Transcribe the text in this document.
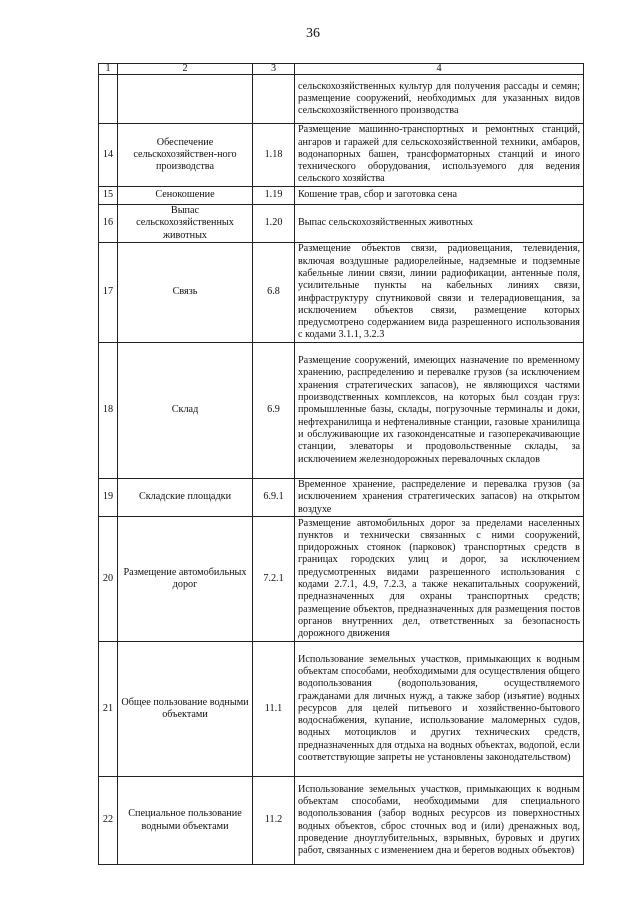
36
1	2	3	4
			сельскохозяйственных культур для получения рассады и семян; размещение сооружений, необходимых для указанных видов сельскохозяйственного производства
14	Обеспечение сельскохозяйствен-ного производства	1.18	Размещение машинно-транспортных и ремонтных станций, ангаров и гаражей для сельскохозяйственной техники, амбаров, водонапорных башен, трансформаторных станций и иного технического оборудования, используемого для ведения сельского хозяйства
15	Сенокошение	1.19	Кошение трав, сбор и заготовка сена
16	Выпас сельскохозяйственных животных	1.20	Выпас сельскохозяйственных животных
17	Связь	6.8	Размещение объектов связи, радиовещания, телевидения, включая воздушные радиорелейные, надземные и подземные кабельные линии связи, линии радиофикации, антенные поля, усилительные пункты на кабельных линиях связи, инфраструктуру спутниковой связи и телерадиовещания, за исключением объектов связи, размещение которых предусмотрено содержанием вида разрешенного использования с кодами 3.1.1, 3.2.3
18	Склад	6.9	Размещение сооружений, имеющих назначение по временному хранению, распределению и перевалке грузов (за исключением хранения стратегических запасов), не являющихся частями производственных комплексов, на которых был создан груз: промышленные базы, склады, погрузочные терминалы и доки, нефтехранилища и нефтеналивные станции, газовые хранилища и обслуживающие их газоконденсатные и газоперекачивающие станции, элеваторы и продовольственные склады, за исключением железнодорожных перевалочных складов
19	Складские площадки	6.9.1	Временное хранение, распределение и перевалка грузов (за исключением хранения стратегических запасов) на открытом воздухе
20	Размещение автомобильных дорог	7.2.1	Размещение автомобильных дорог за пределами населенных пунктов и технически связанных с ними сооружений, придорожных стоянок (парковок) транспортных средств в границах городских улиц и дорог, за исключением предусмотренных видами разрешенного использования с кодами 2.7.1, 4.9, 7.2.3, а также некапитальных сооружений, предназначенных для охраны транспортных средств; размещение объектов, предназначенных для размещения постов органов внутренних дел, ответственных за безопасность дорожного движения
21	Общее пользование водными объектами	11.1	Использование земельных участков, примыкающих к водным объектам способами, необходимыми для осуществления общего водопользования (водопользования, осуществляемого гражданами для личных нужд, а также забор (изъятие) водных ресурсов для целей питьевого и хозяйственно-бытового водоснабжения, купание, использование маломерных судов, водных мотоциклов и других технических средств, предназначенных для отдыха на водных объектах, водопой, если соответствующие запреты не установлены законодательством)
22	Специальное пользование водными объектами	11.2	Использование земельных участков, примыкающих к водным объектам способами, необходимыми для специального водопользования (забор водных ресурсов из поверхностных водных объектов, сброс сточных вод и (или) дренажных вод, проведение дноуглубительных, взрывных, буровых и других работ, связанных с изменением дна и берегов водных объектов)
